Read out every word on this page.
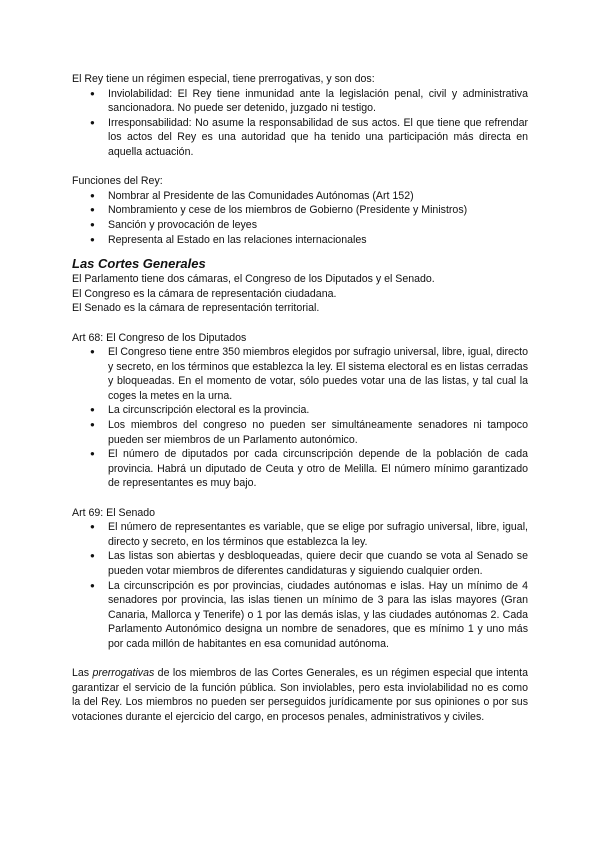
El Rey tiene un régimen especial, tiene prerrogativas, y son dos:

● Inviolabilidad: El Rey tiene inmunidad ante la legislación penal, civil y administrativa sancionadora. No puede ser detenido, juzgado ni testigo.
● Irresponsabilidad: No asume la responsabilidad de sus actos. El que tiene que refrendar los actos del Rey es una autoridad que ha tenido una participación más directa en aquella actuación.

Funciones del Rey:

● Nombrar al Presidente de las Comunidades Autónomas (Art 152)
● Nombramiento y cese de los miembros de Gobierno (Presidente y Ministros)
● Sanción y provocación de leyes
● Representa al Estado en las relaciones internacionales
Las Cortes Generales

El Parlamento tiene dos cámaras, el Congreso de los Diputados y el Senado.

El Congreso es la cámara de representación ciudadana.

El Senado es la cámara de representación territorial.

Art 68: El Congreso de los Diputados

● El Congreso tiene entre 350 miembros elegidos por sufragio universal, libre, igual, directo y secreto, en los términos que establezca la ley. El sistema electoral es en listas cerradas y bloqueadas. En el momento de votar, sólo puedes votar una de las listas, y tal cual la coges la metes en la urna.
● La circunscripción electoral es la provincia.
● Los miembros del congreso no pueden ser simultáneamente senadores ni tampoco pueden ser miembros de un Parlamento autonómico.
● El número de diputados por cada circunscripción depende de la población de cada provincia. Habrá un diputado de Ceuta y otro de Melilla. El número mínimo garantizado de representantes es muy bajo.

Art 69: El Senado

● El número de representantes es variable, que se elige por sufragio universal, libre, igual, directo y secreto, en los términos que establezca la ley.
● Las listas son abiertas y desbloqueadas, quiere decir que cuando se vota al Senado se pueden votar miembros de diferentes candidaturas y siguiendo cualquier orden.
● La circunscripción es por provincias, ciudades autónomas e islas. Hay un mínimo de 4 senadores por provincia, las islas tienen un mínimo de 3 para las islas mayores (Gran Canaria, Mallorca y Tenerife) o 1 por las demás islas, y las ciudades autónomas 2. Cada Parlamento Autonómico designa un nombre de senadores, que es mínimo 1 y uno más por cada millón de habitantes en esa comunidad autónoma.

Las prerrogativas de los miembros de las Cortes Generales, es un régimen especial que intenta garantizar el servicio de la función pública. Son inviolables, pero esta inviolabilidad no es como la del Rey. Los miembros no pueden ser perseguidos jurídicamente por sus opiniones o por sus votaciones durante el ejercicio del cargo, en procesos penales, administrativos y civiles.
